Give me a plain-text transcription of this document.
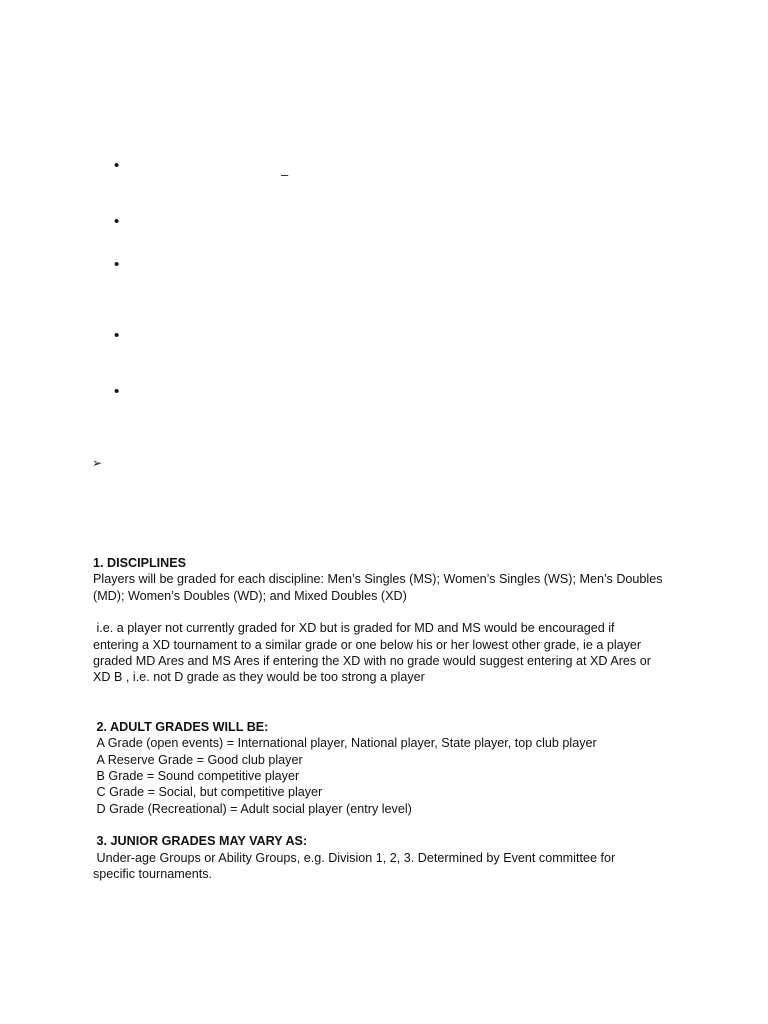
•
–
•
•
•
•
➢

1. DISCIPLINES

Players will be graded for each discipline: Men’s Singles (MS); Women’s Singles (WS); Men’s Doubles

(MD); Women’s Doubles (WD); and Mixed Doubles (XD)

i.e. a player not currently graded for XD but is graded for MD and MS would be encouraged if

entering a XD tournament to a similar grade or one below his or her lowest other grade, ie a player

graded MD Ares and MS Ares if entering the XD with no grade would suggest entering at XD Ares or

XD B , i.e. not D grade as they would be too strong a player

2. ADULT GRADES WILL BE:

A Grade (open events) = International player, National player, State player, top club player

A Reserve Grade = Good club player

B Grade = Sound competitive player

C Grade = Social, but competitive player

D Grade (Recreational) = Adult social player (entry level)

3. JUNIOR GRADES MAY VARY AS:

Under-age Groups or Ability Groups, e.g. Division 1, 2, 3. Determined by Event committee for

specific tournaments.
